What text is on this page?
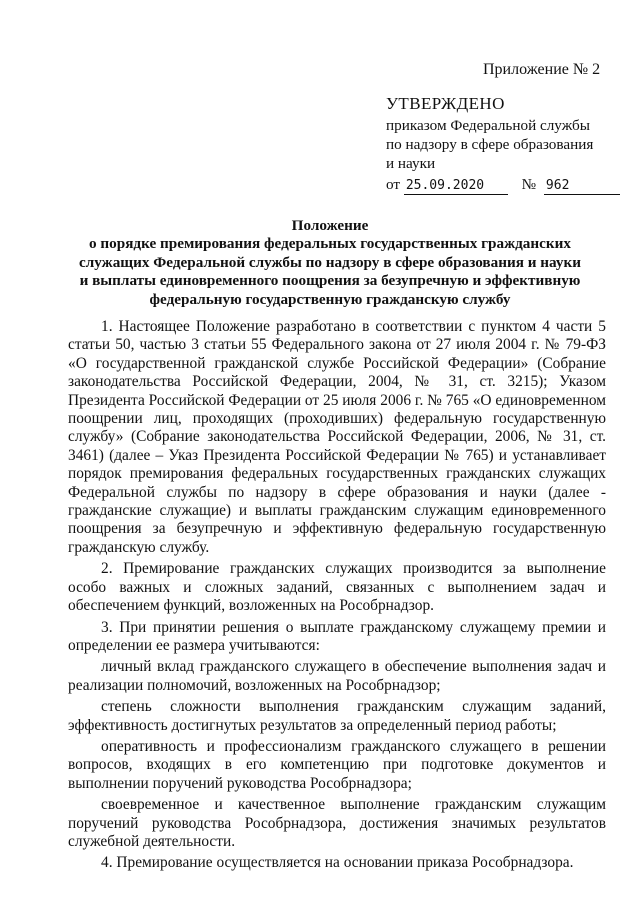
Приложение № 2
УТВЕРЖДЕНО
приказом Федеральной службы
по надзору в сфере образования
и науки
от 25.09.2020 № 962
Положение
о порядке премирования федеральных государственных гражданских
служащих Федеральной службы по надзору в сфере образования и науки
и выплаты единовременного поощрения за безупречную и эффективную
федеральную государственную гражданскую службу

1. Настоящее Положение разработано в соответствии с пунктом 4 части 5 статьи 50, частью 3 статьи 55 Федерального закона от 27 июля 2004 г. № 79-ФЗ «О государственной гражданской службе Российской Федерации» (Собрание законодательства Российской Федерации, 2004, № 31, ст. 3215); Указом Президента Российской Федерации от 25 июля 2006 г. № 765 «О единовременном поощрении лиц, проходящих (проходивших) федеральную государственную службу» (Собрание законодательства Российской Федерации, 2006, № 31, ст. 3461) (далее – Указ Президента Российской Федерации № 765) и устанавливает порядок премирования федеральных государственных гражданских служащих Федеральной службы по надзору в сфере образования и науки (далее - гражданские служащие) и выплаты гражданским служащим единовременного поощрения за безупречную и эффективную федеральную государственную гражданскую службу.

2. Премирование гражданских служащих производится за выполнение особо важных и сложных заданий, связанных с выполнением задач и обеспечением функций, возложенных на Рособрнадзор.

3. При принятии решения о выплате гражданскому служащему премии и определении ее размера учитываются:

личный вклад гражданского служащего в обеспечение выполнения задач и реализации полномочий, возложенных на Рособрнадзор;

степень сложности выполнения гражданским служащим заданий, эффективность достигнутых результатов за определенный период работы;

оперативность и профессионализм гражданского служащего в решении вопросов, входящих в его компетенцию при подготовке документов и выполнении поручений руководства Рособрнадзора;

своевременное и качественное выполнение гражданским служащим поручений руководства Рособрнадзора, достижения значимых результатов служебной деятельности.

4. Премирование осуществляется на основании приказа Рособрнадзора.
